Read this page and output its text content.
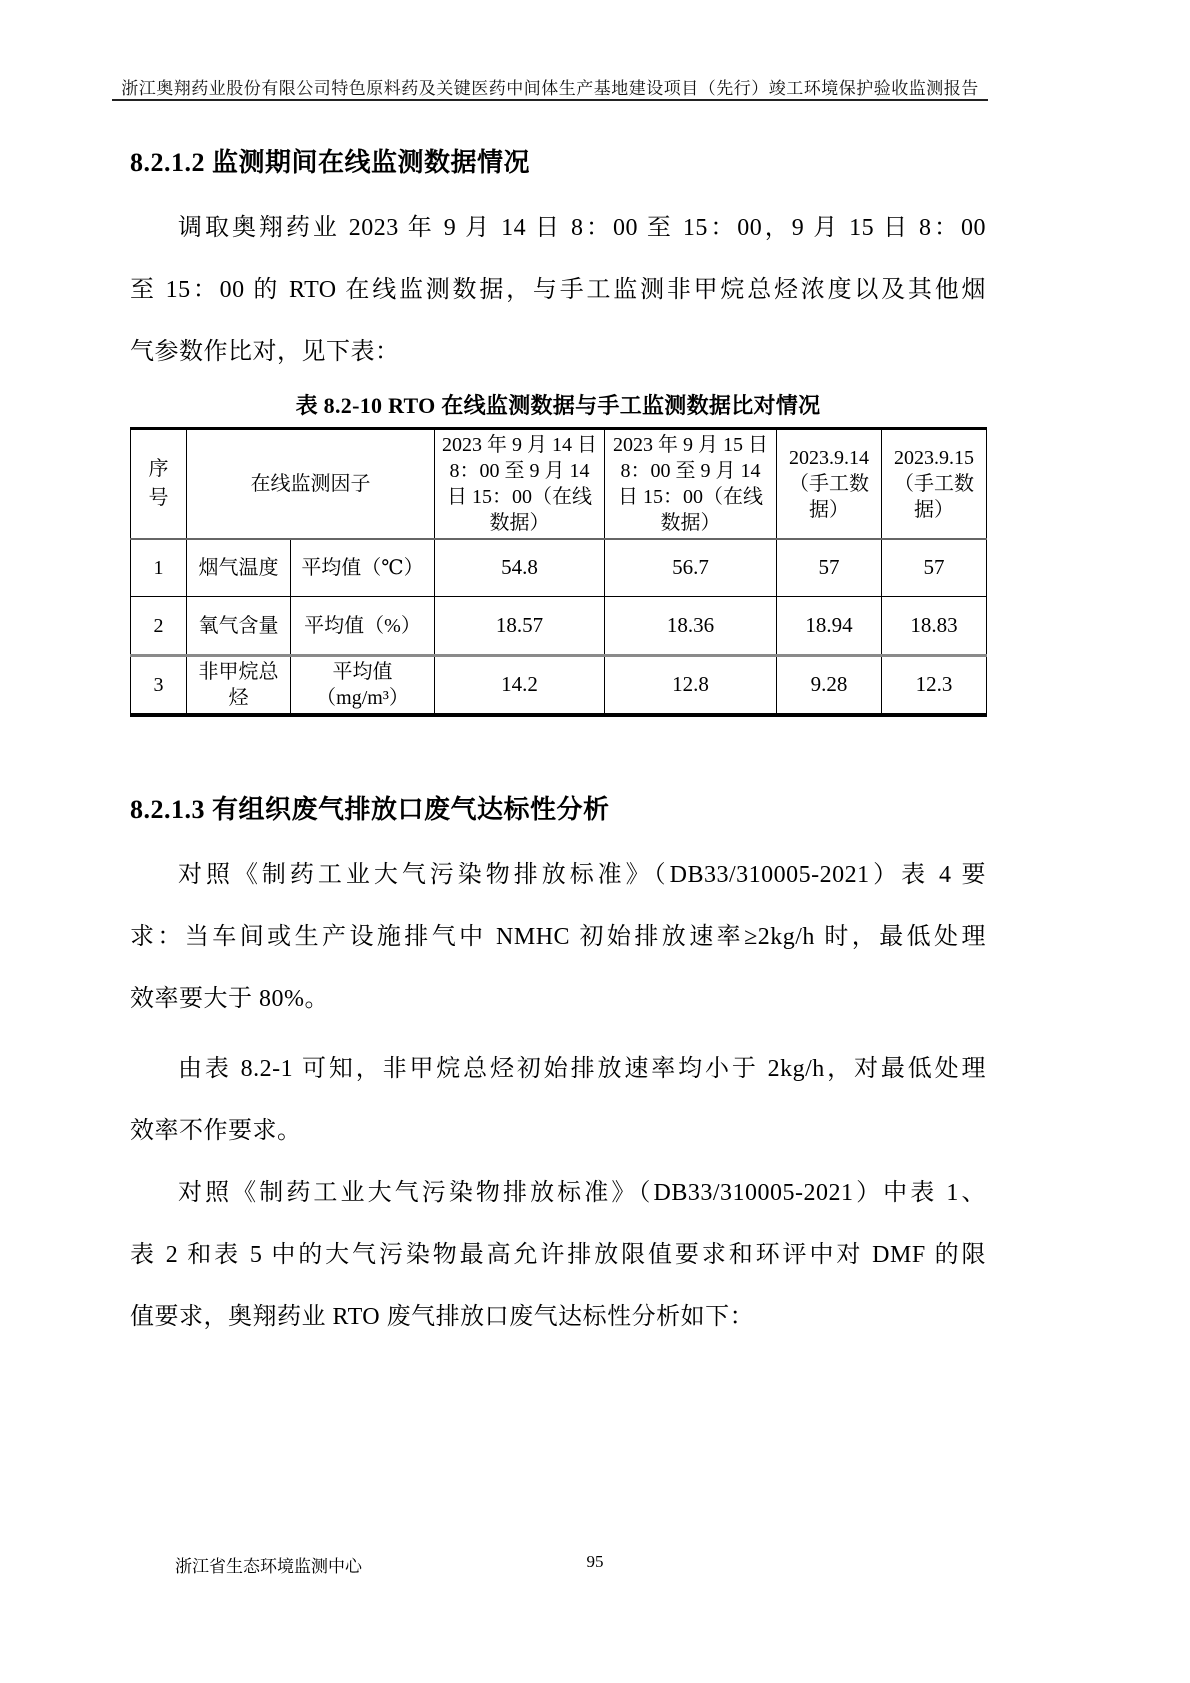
浙江奥翔药业股份有限公司特色原料药及关键医药中间体生产基地建设项目（先行）竣工环境保护验收监测报告
8.2.1.2 监测期间在线监测数据情况
调取奥翔药业 2023 年 9 月 14 日 8：00 至 15：00，9 月 15 日 8：00
至 15：00 的 RTO 在线监测数据，与手工监测非甲烷总烃浓度以及其他烟
气参数作比对，见下表：
表 8.2-10 RTO 在线监测数据与手工监测数据比对情况
序号	在线监测因子		2023 年 9 月 14 日 8：00 至 9 月 14 日 15：00（在线数据）	2023 年 9 月 15 日 8：00 至 9 月 14 日 15：00（在线数据）	2023.9.14 （手工数据）	2023.9.15 （手工数据）
1	烟气温度	平均值（℃）	54.8	56.7	57	57
2	氧气含量	平均值（%）	18.57	18.36	18.94	18.83
3	非甲烷总烃	平均值（mg/m³）	14.2	12.8	9.28	12.3
8.2.1.3 有组织废气排放口废气达标性分析
对照《制药工业大气污染物排放标准》（DB33/310005-2021）表 4 要
求：当车间或生产设施排气中 NMHC 初始排放速率≥2kg/h 时，最低处理
效率要大于 80%。
由表 8.2-1 可知，非甲烷总烃初始排放速率均小于 2kg/h，对最低处理
效率不作要求。
对照《制药工业大气污染物排放标准》（DB33/310005-2021）中表 1、
表 2 和表 5 中的大气污染物最高允许排放限值要求和环评中对 DMF 的限
值要求，奥翔药业 RTO 废气排放口废气达标性分析如下：
95
浙江省生态环境监测中心
